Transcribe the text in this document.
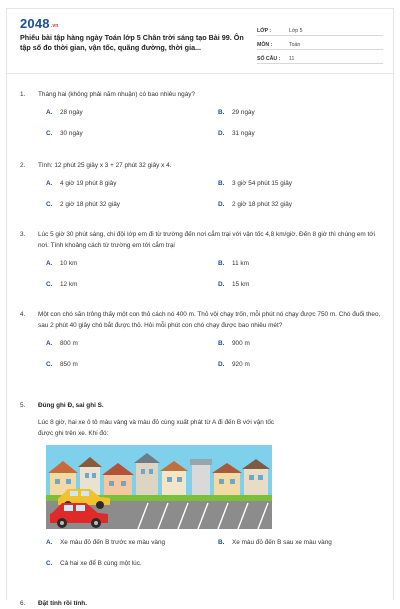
$2048^{.vn}$
Phiếu bài tập hàng ngày Toán lớp 5 Chân trời sáng tạo Bài 99. Ôn tập số đo thời gian, vận tốc, quãng đường, thời gia...
LỚP :	Lớp 5
MÔN :	Toán
SỐ CÂU :	11
1.	Tháng hai (không phải năm nhuận) có bao nhiêu ngày?
A.	28 ngày	B.	29 ngày
C.	30 ngày	D.	31 ngày
2.	Tính: 12 phút 25 giây x 3 + 27 phút 32 giây x 4.
A.	4 giờ 19 phút 8 giây	B.	3 giờ 54 phút 15 giây
C.	2 giờ 18 phút 32 giây	D.	2 giờ 18 phút 32 giây
3.	Lúc 5 giờ 30 phút sáng, chi đội lớp em đi từ trường đến nơi cắm trại với vận tốc 4,8 km/giờ. Đến 8 giờ thì chúng em tới nơi. Tính khoảng cách từ trường em tới cắm trại
A.	10 km	B.	11 km
C.	12 km	D.	15 km
4.	Một con chó săn trông thấy một con thỏ cách nó 400 m. Thỏ vội chạy trốn, mỗi phút nó chạy được 750 m. Chó đuổi theo, sau 2 phút 40 giây chó bắt được thỏ. Hỏi mỗi phút con chó chạy được bao nhiêu mét?
A.	800 m	B.	900 m
C.	850 m	D.	920 m
5.	Đúng ghi Đ, sai ghi S.
Lúc 8 giờ, hai xe ô tô màu vàng và màu đỏ cùng xuất phát từ A đi đến B với vận tốc được ghi trên xe. Khi đó:
A.	Xe màu đỏ đến B trước xe màu vàng	B.	Xe màu đỏ đến B sau xe màu vàng
C.	Cả hai xe để B cùng một lúc.
6.	Đặt tính rồi tính.
